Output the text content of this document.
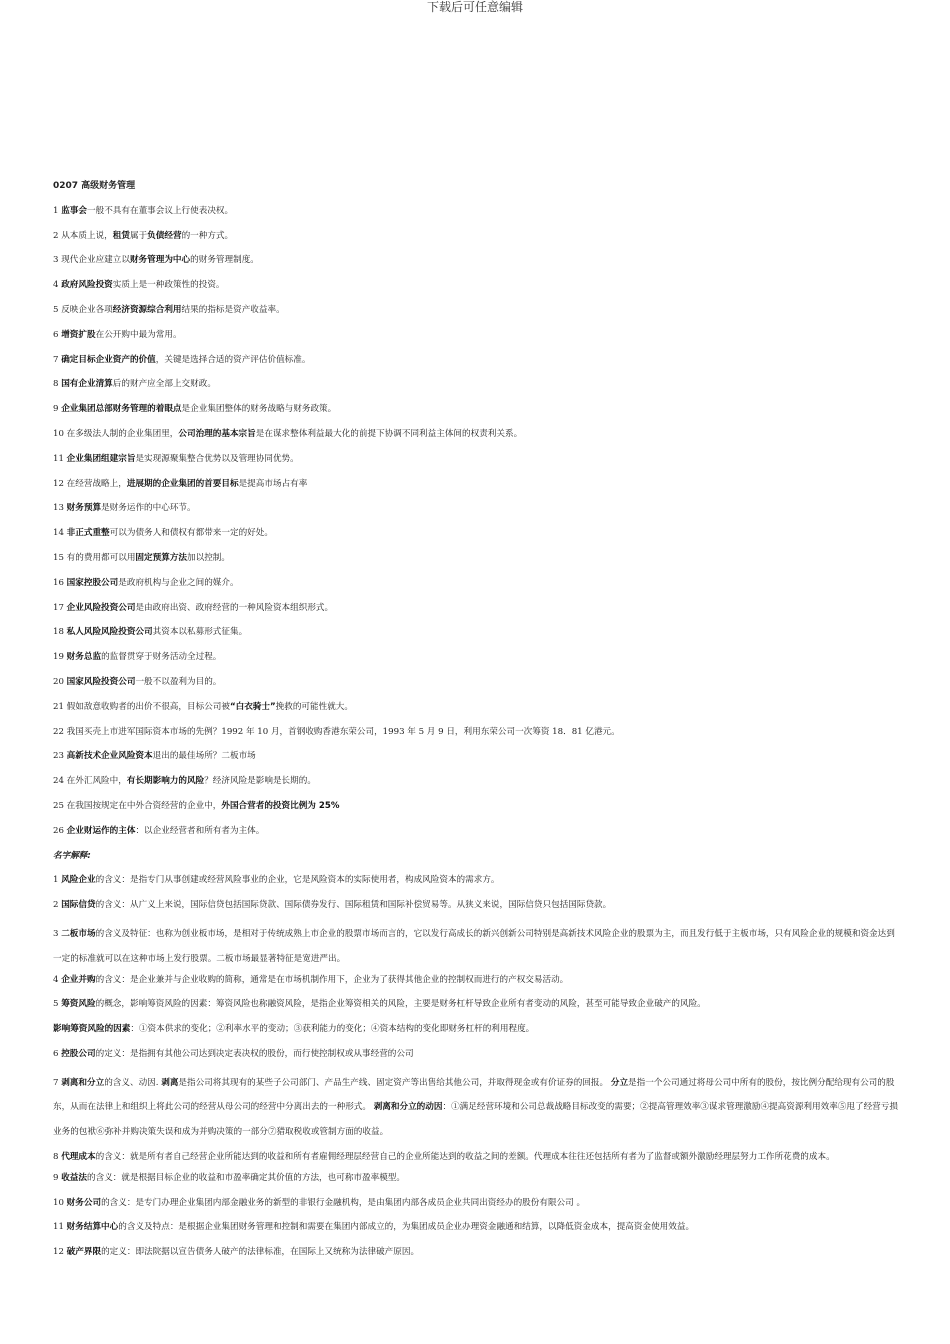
下载后可任意编辑
0207 高级财务管理
1 监事会一般不具有在董事会议上行使表决权。
2 从本质上说，租赁属于负债经营的一种方式。
3 现代企业应建立以财务管理为中心的财务管理制度。
4 政府风险投资实质上是一种政策性的投资。
5 反映企业各项经济资源综合利用结果的指标是资产收益率。
6 增资扩股在公开购中最为常用。
7 确定目标企业资产的价值，关键是选择合适的资产评估价值标准。
8 国有企业清算后的财产应全部上交财政。
9 企业集团总部财务管理的着眼点是企业集团整体的财务战略与财务政策。
10 在多级法人制的企业集团里，公司治理的基本宗旨是在谋求整体利益最大化的前提下协调不同利益主体间的权责利关系。
11 企业集团组建宗旨是实现源聚集整合优势以及管理协同优势。
12 在经营战略上，进展期的企业集团的首要目标是提高市场占有率
13 财务预算是财务运作的中心环节。
14 非正式重整可以为债务人和债权有都带来一定的好处。
15 有的费用都可以用固定预算方法加以控制。
16 国家控股公司是政府机构与企业之间的媒介。
17 企业风险投资公司是由政府出资、政府经营的一种风险资本组织形式。
18 私人风险风险投资公司其资本以私募形式征集。
19 财务总监的监督贯穿于财务活动全过程。
20 国家风险投资公司一般不以盈利为目的。
21 假如敌意收购者的出价不很高，目标公司被“白衣骑士”挽救的可能性就大。
22 我国买壳上市进军国际资本市场的先例？1992 年 10 月，首钢收购香港东荣公司，1993 年 5 月 9 日，利用东荣公司一次筹资 18．81 亿港元。
23 高新技术企业风险资本退出的最佳场所？二板市场
24 在外汇风险中，有长期影响力的风险？经济风险是影响是长期的。
25 在我国按规定在中外合资经营的企业中，外国合营者的投资比例为 25%
26 企业财运作的主体：以企业经营者和所有者为主体。
名字解释:
1 风险企业的含义：是指专门从事创建或经营风险事业的企业，它是风险资本的实际使用者，构成风险资本的需求方。
2 国际信贷的含义：从广义上来说，国际信贷包括国际贷款、国际债券发行、国际租赁和国际补偿贸易等。从狭义来说，国际信贷只包括国际贷款。
3 二板市场的含义及特征：也称为创业板市场，是相对于传统成熟上市企业的股票市场而言的，它以发行高成长的新兴创新公司特别是高新技术风险企业的股票为主，而且发行低于主板市场，只有风险企业的规模和资金达到一定的标准就可以在这种市场上发行股票。二板市场最显著特征是宽进严出。
4 企业并购的含义：是企业兼并与企业收购的简称，通常是在市场机制作用下，企业为了获得其他企业的控制权而进行的产权交易活动。
5 筹资风险的概念，影响筹资风险的因素：筹资风险也称融资风险，是指企业筹资相关的风险，主要是财务杠杆导致企业所有者变动的风险，甚至可能导致企业破产的风险。
影响筹资风险的因素：①资本供求的变化；②利率水平的变动；③获利能力的变化；④资本结构的变化即财务杠杆的利用程度。
6 控股公司的定义：是指拥有其他公司达到决定表决权的股份，而行使控制权或从事经营的公司
7 剥离和分立的含义、动因. 剥离是指公司将其现有的某些子公司部门、产品生产线、固定资产等出售给其他公司，并取得现金或有价证券的回报。 分立是指一个公司通过将母公司中所有的股份，按比例分配给现有公司的股东，从而在法律上和组织上将此公司的经营从母公司的经营中分离出去的一种形式。 剥离和分立的动因：①满足经营环境和公司总裁战略目标改变的需要；②提高管理效率③谋求管理激励④提高资源利用效率⑤甩了经营亏损业务的包袱⑥弥补并购决策失误和成为并购决策的一部分⑦猎取税收或管制方面的收益。
8 代理成本的含义：就是所有者自己经营企业所能达到的收益和所有者雇佣经理层经营自己的企业所能达到的收益之间的差额。代理成本往往还包括所有者为了监督或额外激励经理层努力工作所花费的成本。
9 收益法的含义：就是根据目标企业的收益和市盈率确定其价值的方法，也可称市盈率模型。
10 财务公司的含义：是专门办理企业集团内部金融业务的新型的非银行金融机构，是由集团内部各成员企业共同出资经办的股份有限公司 。
11 财务结算中心的含义及特点：是根据企业集团财务管理和控制和需要在集团内部成立的，为集团成员企业办理资金融通和结算，以降低资金成本，提高资金使用效益。
12 破产界限的定义：即法院据以宣告债务人破产的法律标准，在国际上又统称为法律破产原因。
